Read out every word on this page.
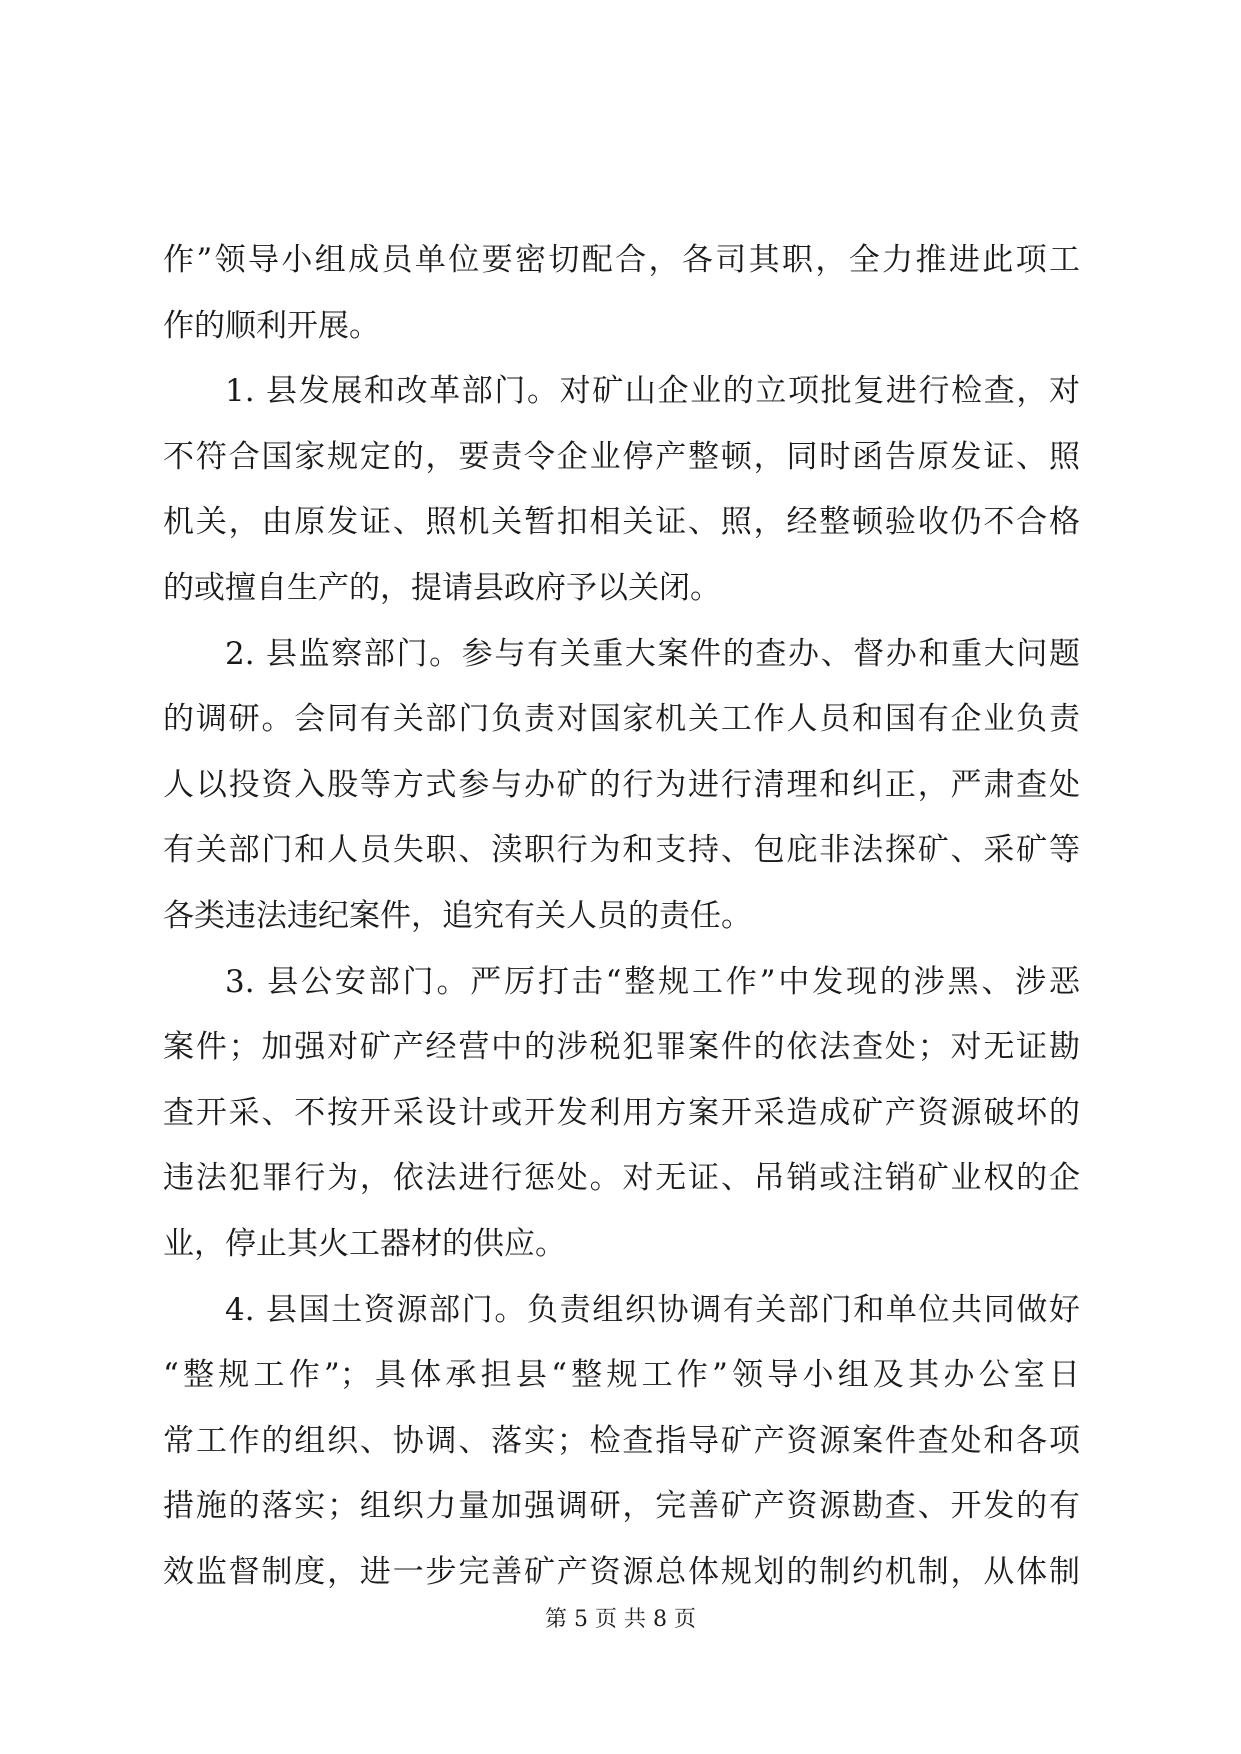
作”领导小组成员单位要密切配合，各司其职，全力推进此项工
作的顺利开展。
1. 县发展和改革部门。对矿山企业的立项批复进行检查，对
不符合国家规定的，要责令企业停产整顿，同时函告原发证、照
机关，由原发证、照机关暂扣相关证、照，经整顿验收仍不合格
的或擅自生产的，提请县政府予以关闭。
2. 县监察部门。参与有关重大案件的查办、督办和重大问题
的调研。会同有关部门负责对国家机关工作人员和国有企业负责
人以投资入股等方式参与办矿的行为进行清理和纠正，严肃查处
有关部门和人员失职、渎职行为和支持、包庇非法探矿、采矿等
各类违法违纪案件，追究有关人员的责任。
3. 县公安部门。严厉打击“整规工作”中发现的涉黑、涉恶
案件；加强对矿产经营中的涉税犯罪案件的依法查处；对无证勘
查开采、不按开采设计或开发利用方案开采造成矿产资源破坏的
违法犯罪行为，依法进行惩处。对无证、吊销或注销矿业权的企
业，停止其火工器材的供应。
4. 县国土资源部门。负责组织协调有关部门和单位共同做好
“整规工作”；具体承担县“整规工作”领导小组及其办公室日
常工作的组织、协调、落实；检查指导矿产资源案件查处和各项
措施的落实；组织力量加强调研，完善矿产资源勘查、开发的有
效监督制度，进一步完善矿产资源总体规划的制约机制，从体制
第 5 页 共 8 页
